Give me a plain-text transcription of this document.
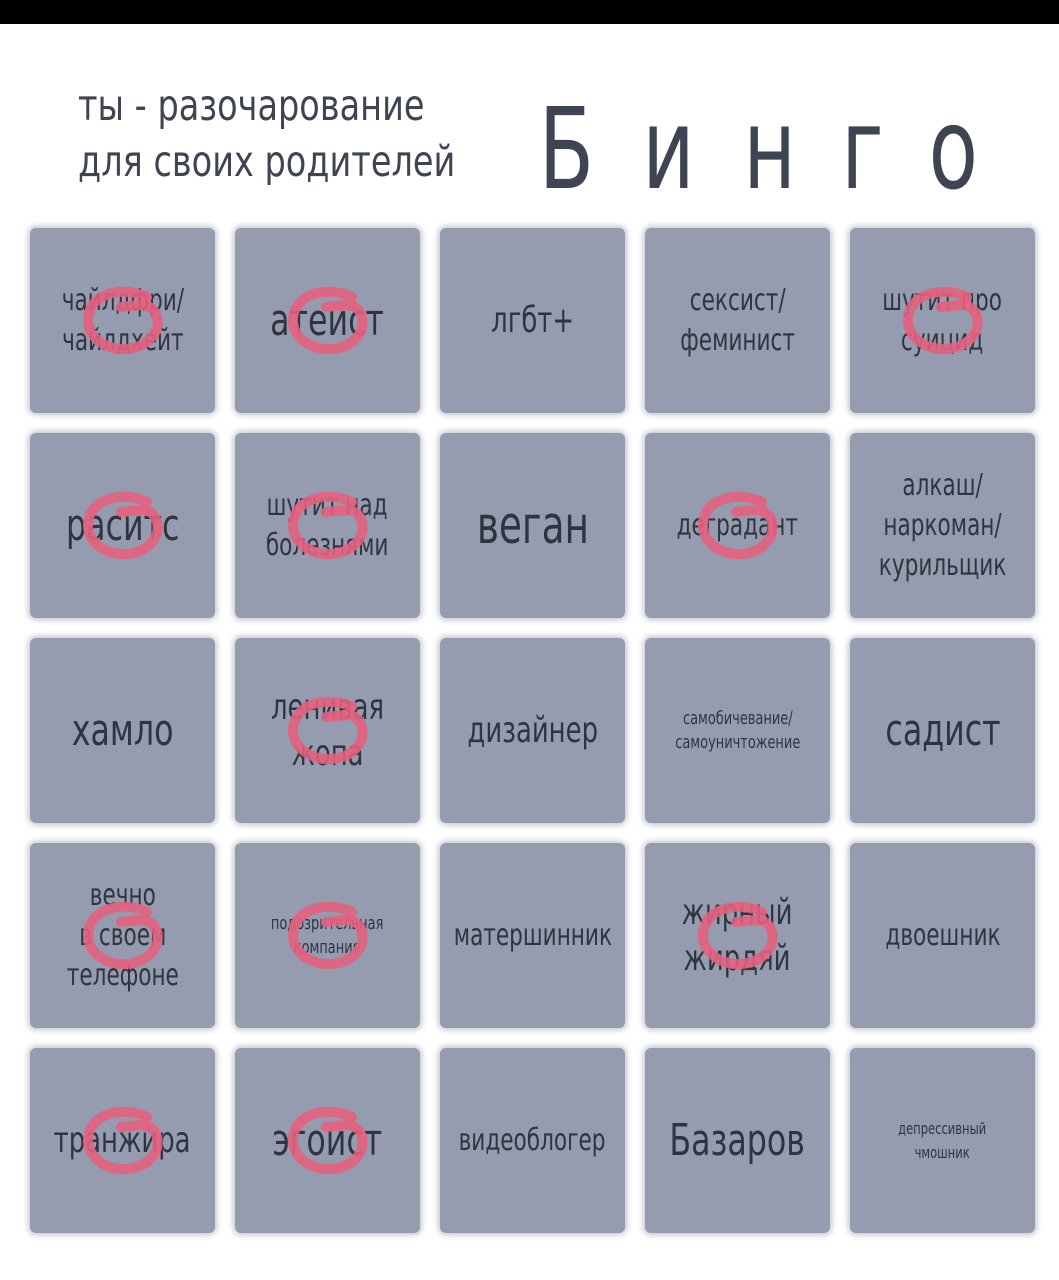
ты - разочарование
для своих родителей Б и н г о
чайлдфри/
чайлдхейт атеист	лгбт+	сексист/
феминист
шутит про
суицид
раситс	шутит над
болезнями веган	деградант
алкаш/
наркоман/
курильщик
хамло	ленивая
жопа
дизайнер	самобичевание/
самоуничтожение садист
вечно
в своем
телефоне
подозрительная
компания	матершинник
жирный
жирдяй
двоешник
транжира эгоист	видеоблогер Базаров	депрессивный
чмошник
